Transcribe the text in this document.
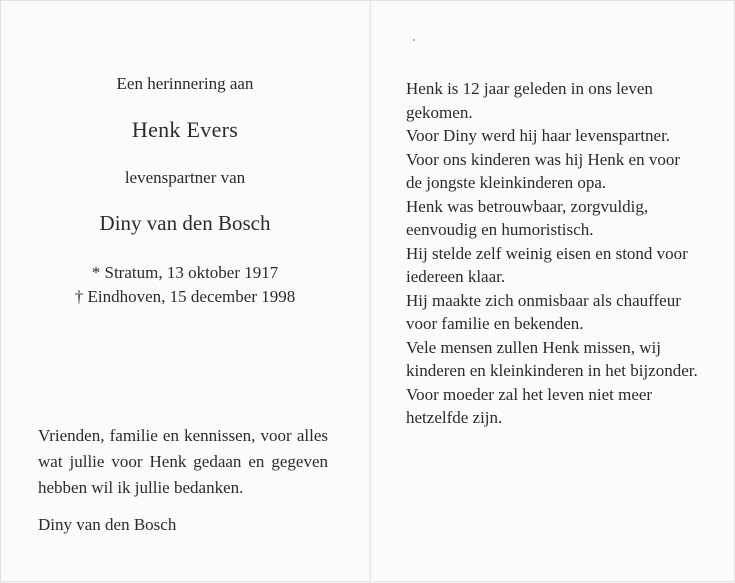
Een herinnering aan
Henk Evers
levenspartner van
Diny van den Bosch
* Stratum, 13 oktober 1917
† Eindhoven, 15 december 1998
Vrienden, familie en kennissen, voor alles wat jullie voor Henk gedaan en gegeven hebben wil ik jullie bedanken.
Diny van den Bosch
Henk is 12 jaar geleden in ons leven
gekomen.
Voor Diny werd hij haar levenspartner.
Voor ons kinderen was hij Henk en voor
de jongste kleinkinderen opa.
Henk was betrouwbaar, zorgvuldig,
eenvoudig en humoristisch.
Hij stelde zelf weinig eisen en stond voor
iedereen klaar.
Hij maakte zich onmisbaar als chauffeur
voor familie en bekenden.
Vele mensen zullen Henk missen, wij
kinderen en kleinkinderen in het bijzonder.
Voor moeder zal het leven niet meer
hetzelfde zijn.
